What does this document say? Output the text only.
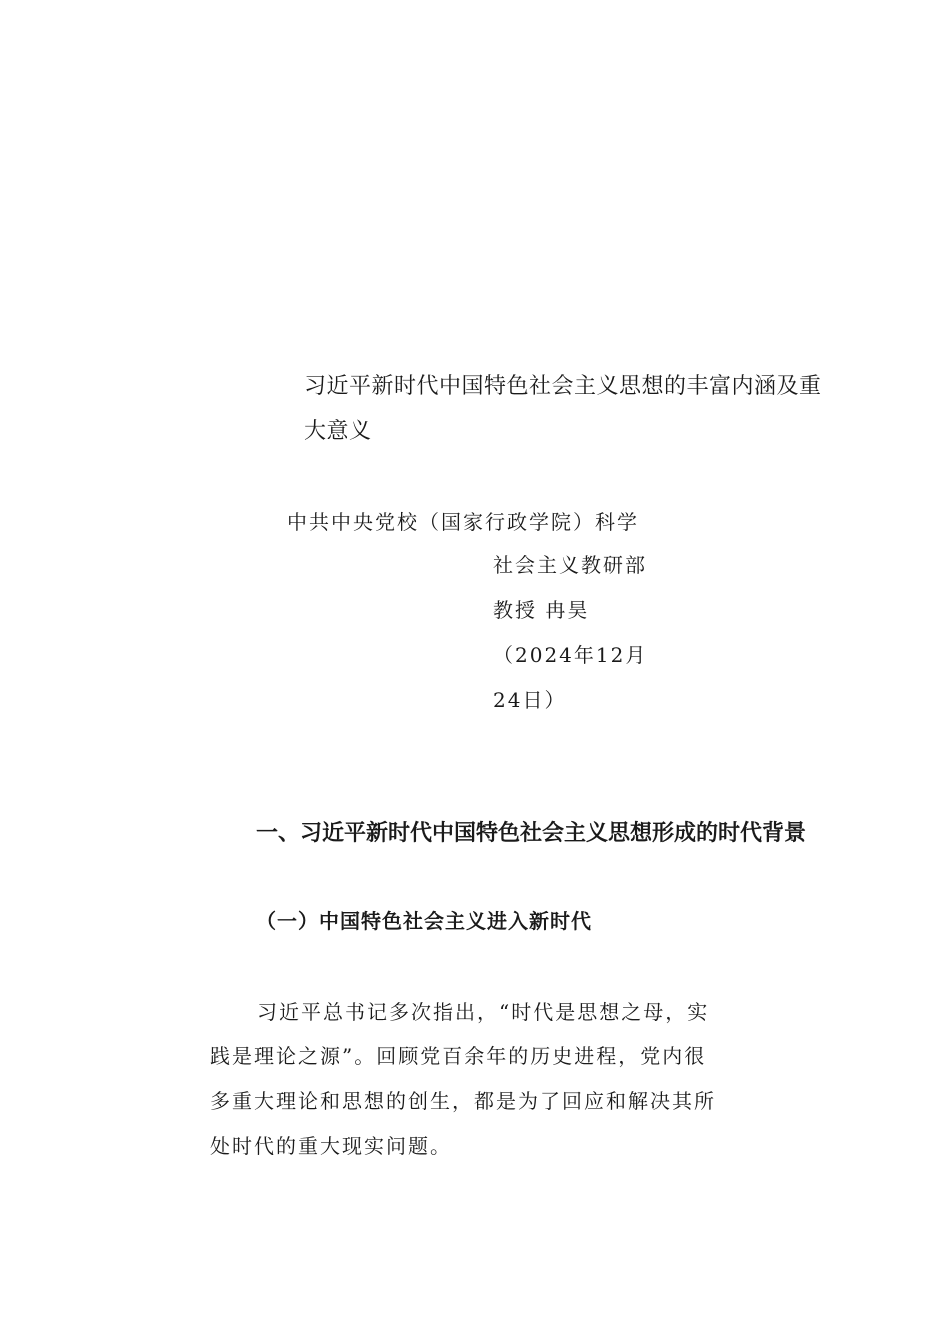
习近平新时代中国特色社会主义思想的丰富内涵及重
大意义
中共中央党校（国家行政学院）科学
社会主义教研部
教授 冉昊
（2024年12月
24日）
一、习近平新时代中国特色社会主义思想形成的时代背景
（一）中国特色社会主义进入新时代
习近平总书记多次指出，“时代是思想之母，实
践是理论之源”。回顾党百余年的历史进程，党内很
多重大理论和思想的创生，都是为了回应和解决其所
处时代的重大现实问题。
